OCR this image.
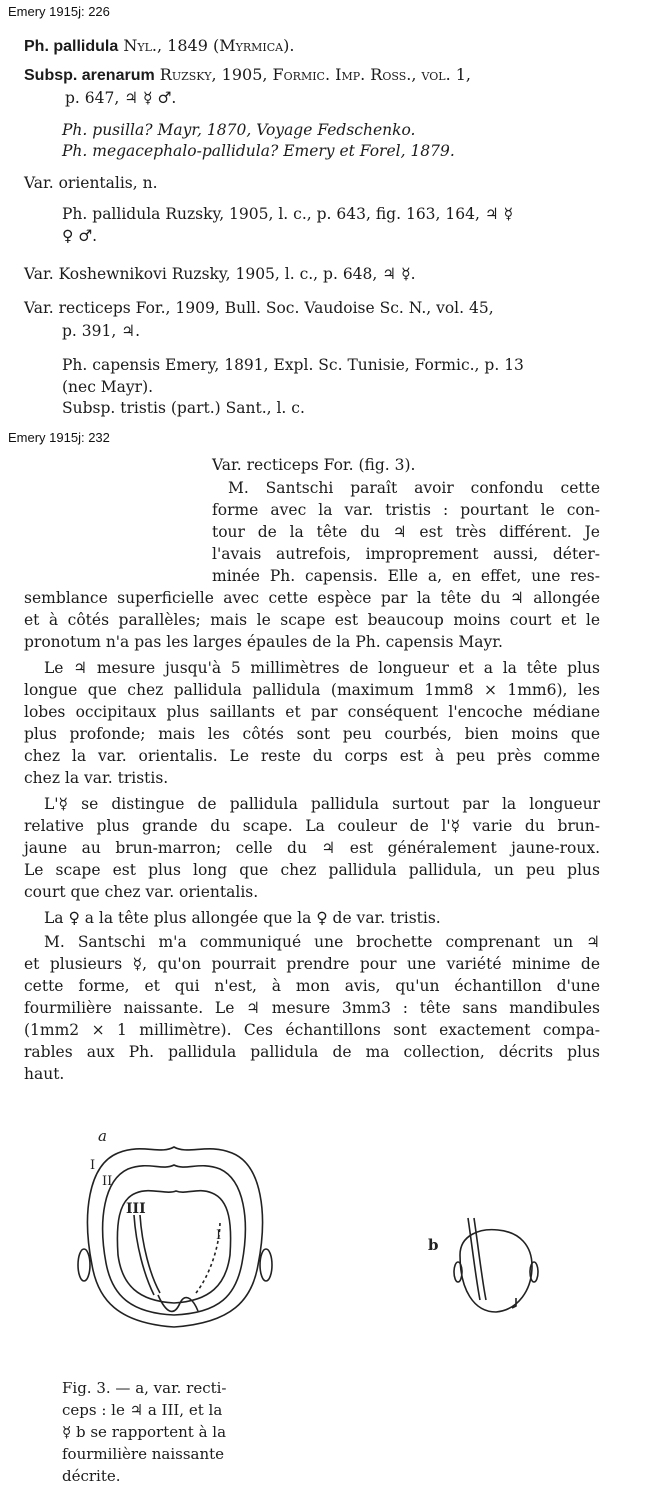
Emery 1915j: 226
Emery 1915j: 232
Ph. pallidula Nyl., 1849 (Myrmica).
Subsp. arenarum Ruzsky, 1905, Formic. Imp. Ross., vol. 1,
p. 647, ♃ ☿ ♂.
Ph. pusilla? Mayr, 1870, Voyage Fedschenko.
Ph. megacephalo-pallidula? Emery et Forel, 1879.
Var. orientalis, n.
Ph. pallidula Ruzsky, 1905, l. c., p. 643, fig. 163, 164, ♃ ☿
♀ ♂.
Var. Koshewnikovi Ruzsky, 1905, l. c., p. 648, ♃ ☿.
Var. recticeps For., 1909, Bull. Soc. Vaudoise Sc. N., vol. 45,
p. 391, ♃.
Ph. capensis Emery, 1891, Expl. Sc. Tunisie, Formic., p. 13
(nec Mayr).
Subsp. tristis (part.) Sant., l. c.
Var. recticeps For. (fig. 3).
M. Santschi paraît avoir confondu cette
forme avec la var. tristis : pourtant le con-
tour de la tête du ♃ est très différent. Je
l'avais autrefois, improprement aussi, déter-
minée Ph. capensis. Elle a, en effet, une res-
semblance superficielle avec cette espèce par la tête du ♃ allongée
et à côtés parallèles; mais le scape est beaucoup moins court et le
pronotum n'a pas les larges épaules de la Ph. capensis Mayr.
Le ♃ mesure jusqu'à 5 millimètres de longueur et a la tête plus
longue que chez pallidula pallidula (maximum 1mm8 × 1mm6), les
lobes occipitaux plus saillants et par conséquent l'encoche médiane
plus profonde; mais les côtés sont peu courbés, bien moins que
chez la var. orientalis. Le reste du corps est à peu près comme
chez la var. tristis.
L'☿ se distingue de pallidula pallidula surtout par la longueur
relative plus grande du scape. La couleur de l'☿ varie du brun-
jaune au brun-marron; celle du ♃ est généralement jaune-roux.
Le scape est plus long que chez pallidula pallidula, un peu plus
court que chez var. orientalis.
La ♀ a la tête plus allongée que la ♀ de var. tristis.
M. Santschi m'a communiqué une brochette comprenant un ♃
et plusieurs ☿, qu'on pourrait prendre pour une variété minime de
cette forme, et qui n'est, à mon avis, qu'un échantillon d'une
fourmilière naissante. Le ♃ mesure 3mm3 : tête sans mandibules
(1mm2 × 1 millimètre). Ces échantillons sont exactement compa-
rables aux Ph. pallidula pallidula de ma collection, décrits plus
haut.
a
I
II
III
I
b
Fig. 3. — a, var. recti-
ceps : le ♃ a III, et la
☿ b se rapportent à la
fourmilière naissante
décrite.
